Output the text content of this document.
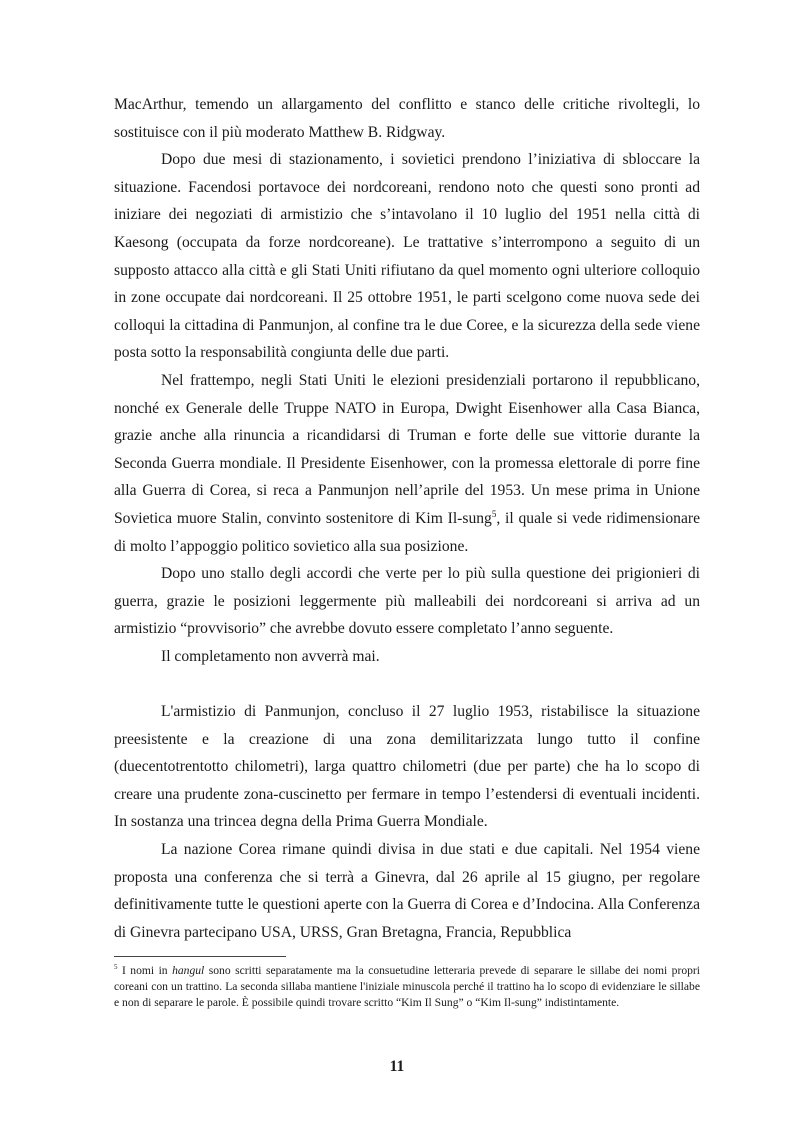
MacArthur, temendo un allargamento del conflitto e stanco delle critiche rivoltegli, lo sostituisce con il più moderato Matthew B. Ridgway.

Dopo due mesi di stazionamento, i sovietici prendono l’iniziativa di sbloccare la situazione. Facendosi portavoce dei nordcoreani, rendono noto che questi sono pronti ad iniziare dei negoziati di armistizio che s’intavolano il 10 luglio del 1951 nella città di Kaesong (occupata da forze nordcoreane). Le trattative s’interrompono a seguito di un supposto attacco alla città e gli Stati Uniti rifiutano da quel momento ogni ulteriore colloquio in zone occupate dai nordcoreani. Il 25 ottobre 1951, le parti scelgono come nuova sede dei colloqui la cittadina di Panmunjon, al confine tra le due Coree, e la sicurezza della sede viene posta sotto la responsabilità congiunta delle due parti.

Nel frattempo, negli Stati Uniti le elezioni presidenziali portarono il repubblicano, nonché ex Generale delle Truppe NATO in Europa, Dwight Eisenhower alla Casa Bianca, grazie anche alla rinuncia a ricandidarsi di Truman e forte delle sue vittorie durante la Seconda Guerra mondiale. Il Presidente Eisenhower, con la promessa elettorale di porre fine alla Guerra di Corea, si reca a Panmunjon nell’aprile del 1953. Un mese prima in Unione Sovietica muore Stalin, convinto sostenitore di Kim Il-sung$^5$, il quale si vede ridimensionare di molto l’appoggio politico sovietico alla sua posizione.

Dopo uno stallo degli accordi che verte per lo più sulla questione dei prigionieri di guerra, grazie le posizioni leggermente più malleabili dei nordcoreani si arriva ad un armistizio “provvisorio” che avrebbe dovuto essere completato l’anno seguente.

Il completamento non avverrà mai.

L'armistizio di Panmunjon, concluso il 27 luglio 1953, ristabilisce la situazione preesistente e la creazione di una zona demilitarizzata lungo tutto il confine (duecentotrentotto chilometri), larga quattro chilometri (due per parte) che ha lo scopo di creare una prudente zona-cuscinetto per fermare in tempo l’estendersi di eventuali incidenti. In sostanza una trincea degna della Prima Guerra Mondiale.

La nazione Corea rimane quindi divisa in due stati e due capitali. Nel 1954 viene proposta una conferenza che si terrà a Ginevra, dal 26 aprile al 15 giugno, per regolare definitivamente tutte le questioni aperte con la Guerra di Corea e d’Indocina. Alla Conferenza di Ginevra partecipano USA, URSS, Gran Bretagna, Francia, Repubblica

$^5$ I nomi in hangul sono scritti separatamente ma la consuetudine letteraria prevede di separare le sillabe dei nomi propri coreani con un trattino. La seconda sillaba mantiene l'iniziale minuscola perché il trattino ha lo scopo di evidenziare le sillabe e non di separare le parole. È possibile quindi trovare scritto “Kim Il Sung” o “Kim Il-sung” indistintamente.
11
